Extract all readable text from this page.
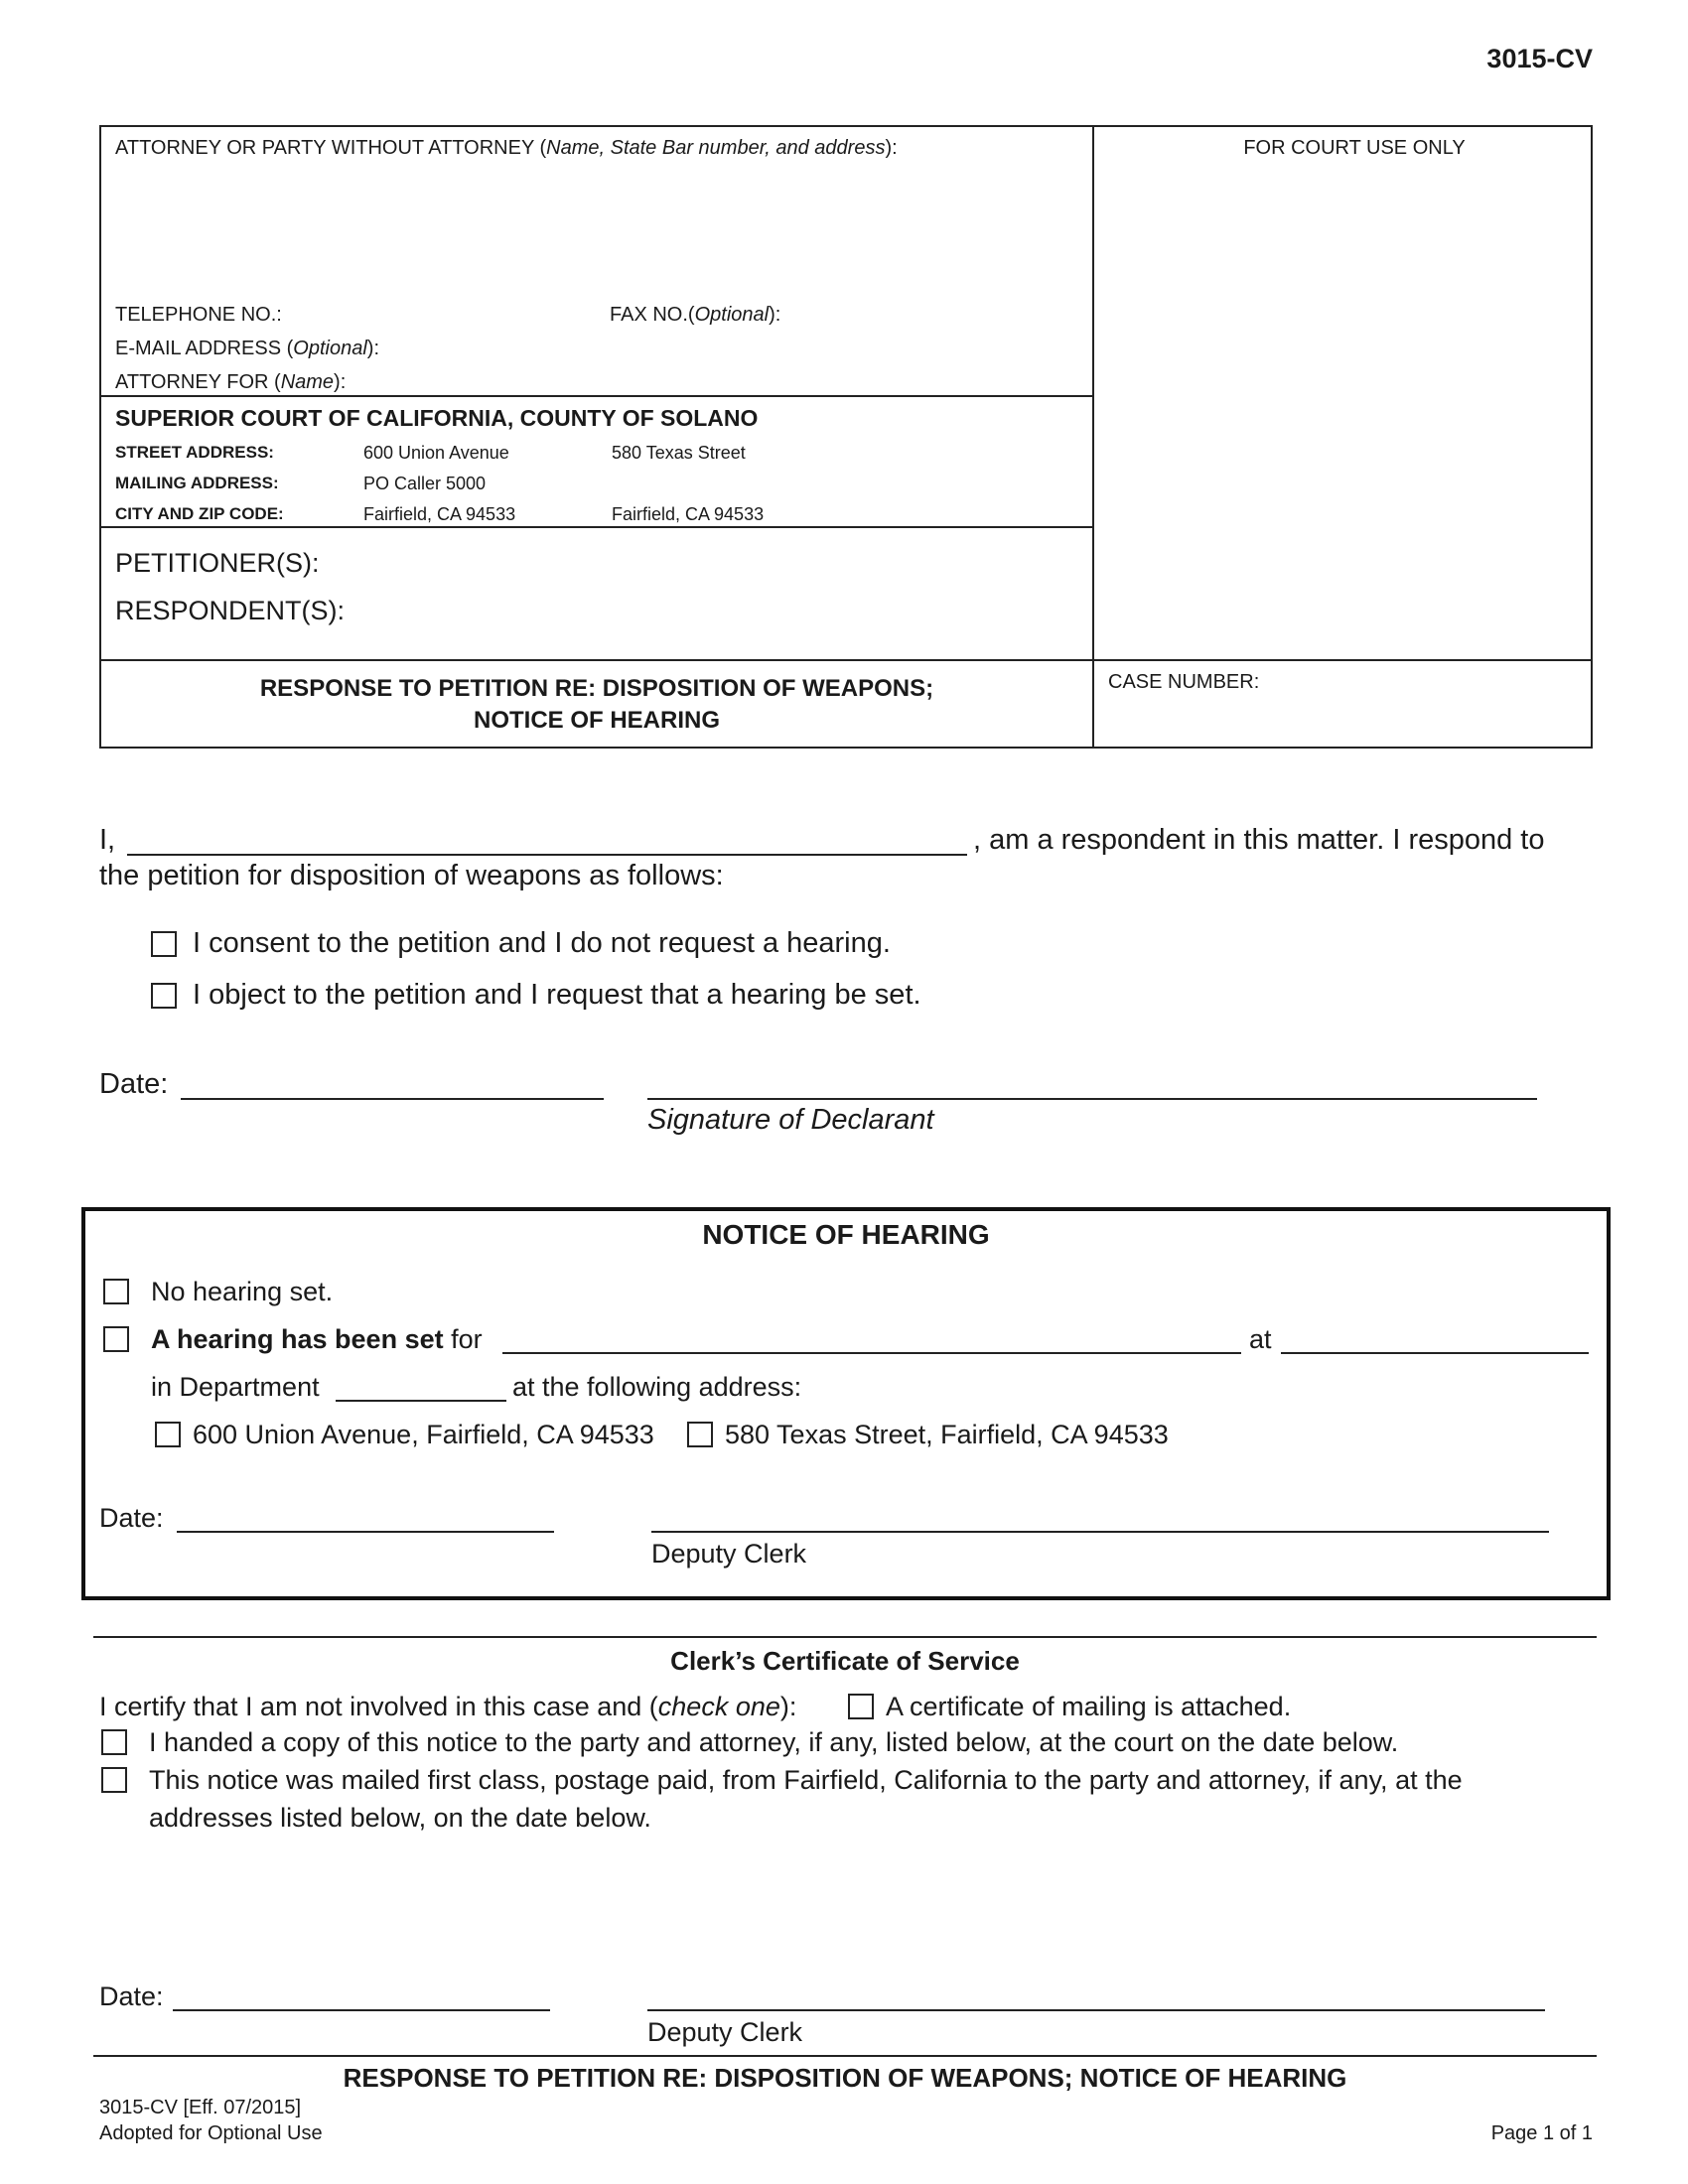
3015-CV
ATTORNEY OR PARTY WITHOUT ATTORNEY (Name, State Bar number, and address):	FOR COURT USE ONLY
TELEPHONE NO.:	FAX NO.(Optional):
E-MAIL ADDRESS (Optional):
ATTORNEY FOR (Name):
SUPERIOR COURT OF CALIFORNIA, COUNTY OF SOLANO
STREET ADDRESS:	600 Union Avenue	580 Texas Street
MAILING ADDRESS:	PO Caller 5000
CITY AND ZIP CODE:	Fairfield, CA 94533	Fairfield, CA 94533
PETITIONER(S):
RESPONDENT(S):
RESPONSE TO PETITION RE: DISPOSITION OF WEAPONS;
NOTICE OF HEARING
CASE NUMBER:
I,	, am a respondent in this matter. I respond to
the petition for disposition of weapons as follows:
I consent to the petition and I do not request a hearing.
I object to the petition and I request that a hearing be set.
Date:
Signature of Declarant
NOTICE OF HEARING
No hearing set.
A hearing has been set for	at
in Department	at the following address:
600 Union Avenue, Fairfield, CA 94533	580 Texas Street, Fairfield, CA 94533
Date:
Deputy Clerk
Clerk’s Certificate of Service
I certify that I am not involved in this case and (check one):	A certificate of mailing is attached.
I handed a copy of this notice to the party and attorney, if any, listed below, at the court on the date below.
This notice was mailed first class, postage paid, from Fairfield, California to the party and attorney, if any, at the
addresses listed below, on the date below.
Date:
Deputy Clerk
RESPONSE TO PETITION RE: DISPOSITION OF WEAPONS; NOTICE OF HEARING
3015-CV [Eff. 07/2015]
Adopted for Optional Use	Page 1 of 1
